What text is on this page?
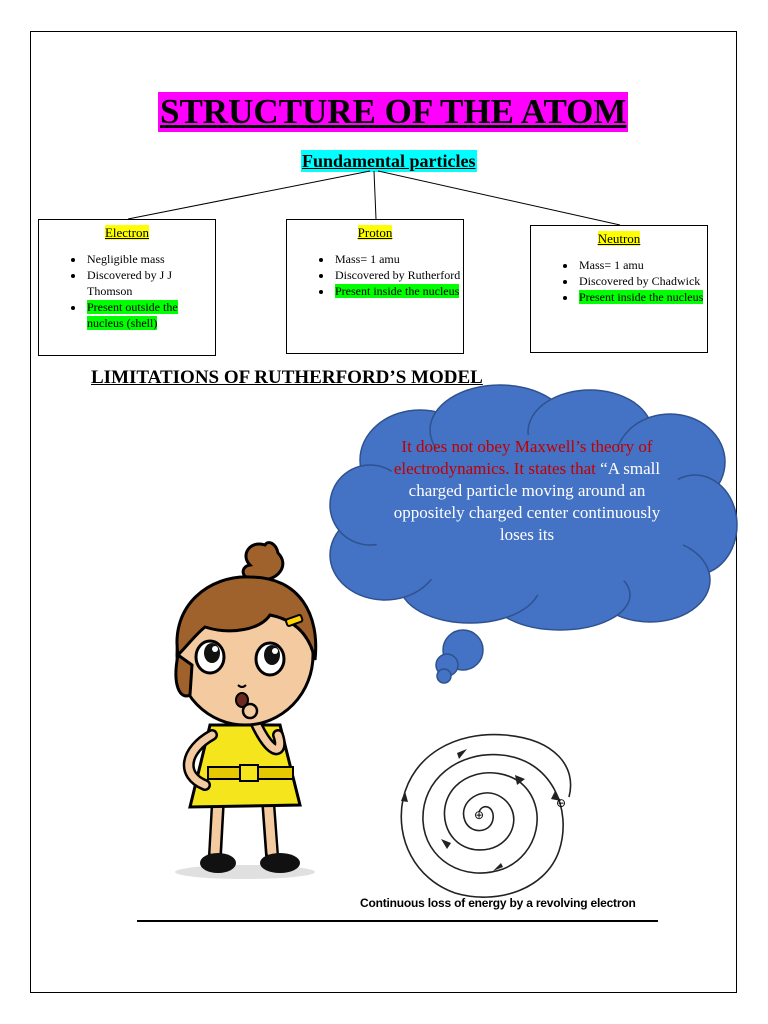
STRUCTURE OF THE ATOM
Fundamental particles
Electron
• Negligible mass
• Discovered by J J Thomson
• Present outside the nucleus (shell)
Proton
• Mass= 1 amu
• Discovered by Rutherford
• Present inside the nucleus
Neutron
• Mass= 1 amu
• Discovered by Chadwick
• Present inside the nucleus
LIMITATIONS OF RUTHERFORD’S MODEL
It does not obey Maxwell’s theory of electrodynamics. It states that “A small charged particle moving around an oppositely charged center continuously loses its
⊕
⊖
Continuous loss of energy by a revolving electron
